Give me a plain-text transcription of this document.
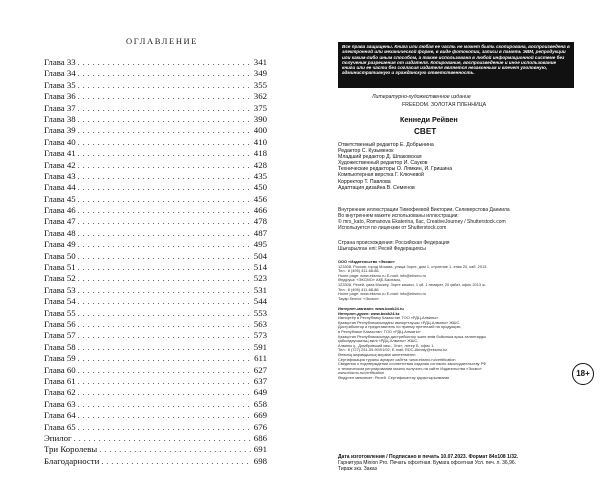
ОГЛАВЛЕНИЕ
Глава 33 . . .	341
Глава 34 . . .	349
Глава 35 . . .	355
Глава 36 . . .	362
Глава 37 . . .	375
Глава 38 . . .	390
Глава 39 . . .	400
Глава 40 . . .	410
Глава 41 . . .	418
Глава 42 . . .	428
Глава 43 . . .	435
Глава 44 . . .	450
Глава 45 . . .	456
Глава 46 . . .	466
Глава 47 . . .	478
Глава 48 . . .	487
Глава 49 . . .	495
Глава 50 . . .	504
Глава 51 . . .	514
Глава 52 . . .	523
Глава 53 . . .	531
Глава 54 . . .	544
Глава 55 . . .	553
Глава 56 . . .	563
Глава 57 . . .	573
Глава 58 . . .	591
Глава 59 . . .	611
Глава 60 . . .	627
Глава 61 . . .	637
Глава 62 . . .	649
Глава 63 . . .	658
Глава 64 . . .	669
Глава 65 . . .	676
Эпилог . . .	686
Три Королевы . . .	691
Благодарности . . .	698
Все права защищены. Книга или любая ее часть не может быть скопирована, воспроизведена в электронной или механической форме, в виде фотокопии, записи в память ЭВМ, репродукции или каким-либо иным способом, а также использована в любой информационной системе без получения разрешения от издателя. Копирование, воспроизведение и иное использование книги или ее части без согласия издателя является незаконным и влечет уголовную, административную и гражданскую ответственность.
Литературно-художественное издание
FREEDOM. ЗОЛОТАЯ ПЛЕННИЦА
Кеннеди Рейвен
СВЕТ
Ответственный редактор Е. Добрынина
Редактор С. Кузьменок
Младший редактор Д. Шпаковская
Художественный редактор И. Сауков
Технические редакторы О. Лямкин, И. Гришина
Компьютерная верстка Г. Ключевой
Корректор Т. Павлова
Адаптация дизайна В. Семенов
Внутренние иллюстрации Тимофеевой Виктории, Селеверстова Даниила
Во внутреннем макете использованы иллюстрации:
© mrs_kato, Romanova Ekaterina, Ilac, CreativeJourney / Shutterstock.com
Используется по лицензии от Shutterstock.com
Страна происхождения: Российская Федерация
Шығарылған елі: Ресей Федерациясы
ООО «Издательство «Эксмо»
123308, Россия, город Москва, улица Зорге, дом 1, строение 1, этаж 20, каб. 2013.
Тел.: 8 (495) 411-68-86.
Home page: www.eksmo.ru E-mail: info@eksmo.ru
Өндіруші: «ЭКСМО» АҚБ Баспасы,
123308, Ресей, қала Мәскеу, Зорге көшесі, 1 үй, 1 ғимарат, 20 қабат, офис 2013 ж.
Тел.: 8 (495) 411-68-86.
Home page: www.eksmo.ru E-mail: info@eksmo.ru
Тауар белгісі: «Эксмо»
Интернет-магазин: www.book24.ru
Интернет-дүкен: www.book24.kz
Импортёр в Республику Казахстан ТОО «РДЦ-Алматы».
Қазақстан Республикасындағы импорттаушы «РДЦ-Алматы» ЖШС.
Дистрибьютор и представитель по приему претензий на продукцию,
в Республике Казахстан: ТОО «РДЦ-Алматы»
Қазақстан Республикасында дистрибьютор және өнім бойынша арыз-талаптарды
қабылдаушының өкілі «РДЦ-Алматы» ЖШС,
Алматы қ., Домбровский көш., 3«а», литер Б, офис 1.
Тел.: 8 (727) 251-59-90/91/92; E-mail: RDC-Almaty@eksmo.kz
Өнімнің жарамдылық мерзімі шектелмеген.
Сертификация туралы ақпарат сайтта: www.eksmo.ru/certification
Сведения о подтверждении соответствия издания согласно законодательству РФ
о техническом регулировании можно получить на сайте Издательства «Эксмо»
www.eksmo.ru/certification
Өндірген мемлекет: Ресей. Сертификаттау қарастырылмаған	18+
Дата изготовления / Подписано в печать 10.07.2023. Формат 84x108 1/32.
Гарнитура Minion Pro. Печать офсетная. Бумага офсетная Усл. печ. л. 36,96.
Тираж экз. Заказ
